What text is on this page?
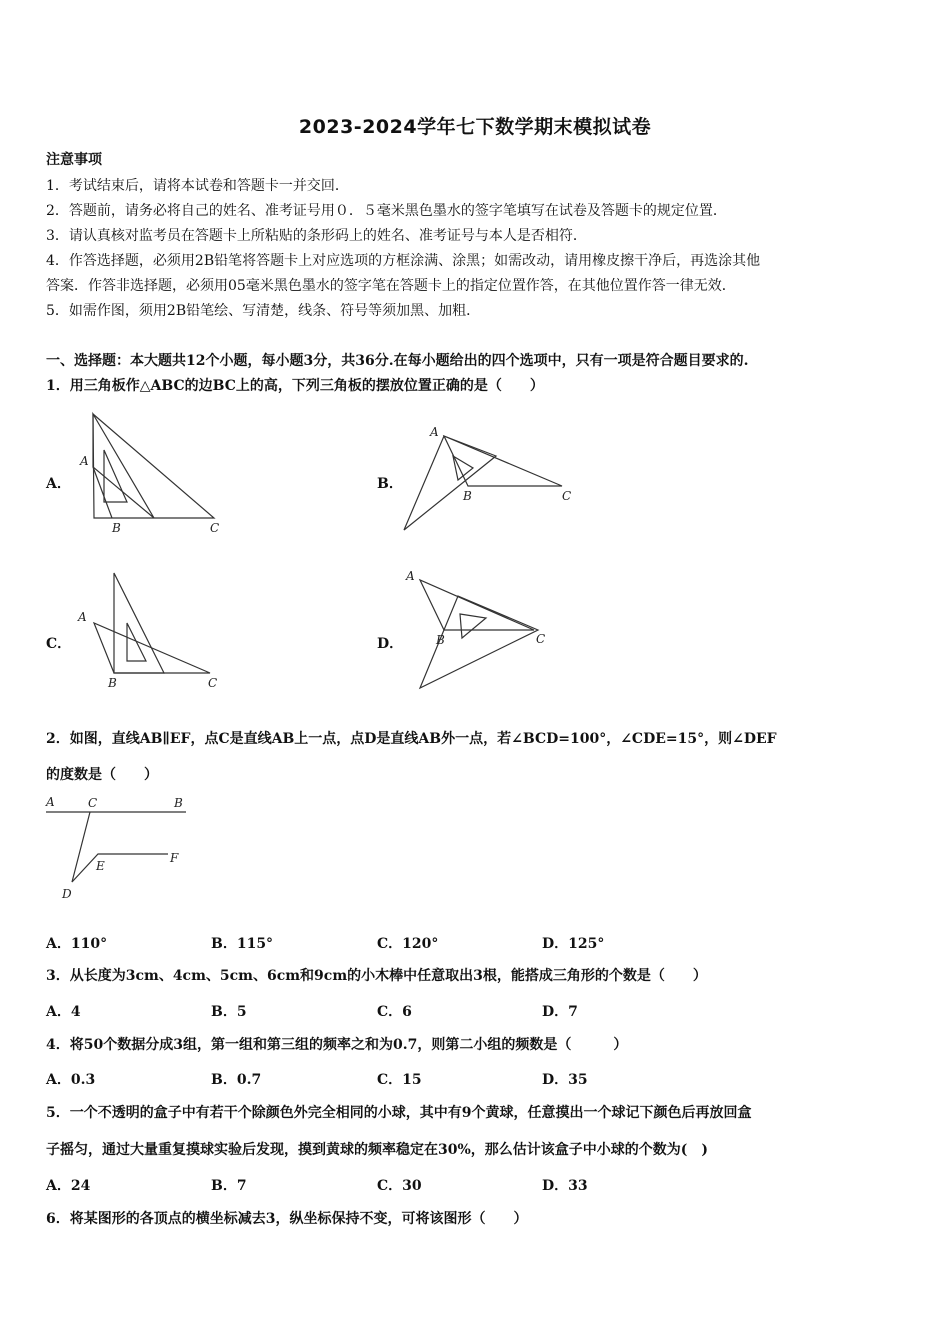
2023-2024学年七下数学期末模拟试卷
注意事项
1．考试结束后，请将本试卷和答题卡一并交回．
2．答题前，请务必将自己的姓名、准考证号用０．５毫米黑色墨水的签字笔填写在试卷及答题卡的规定位置．
3．请认真核对监考员在答题卡上所粘贴的条形码上的姓名、准考证号与本人是否相符．
4．作答选择题，必须用2B铅笔将答题卡上对应选项的方框涂满、涂黑；如需改动，请用橡皮擦干净后，再选涂其他
答案．作答非选择题，必须用05毫米黑色墨水的签字笔在答题卡上的指定位置作答，在其他位置作答一律无效．
5．如需作图，须用2B铅笔绘、写清楚，线条、符号等须加黑、加粗．
一、选择题：本大题共12个小题，每小题3分，共36分.在每小题给出的四个选项中，只有一项是符合题目要求的.
1．用三角板作△ABC的边BC上的高，下列三角板的摆放位置正确的是（　　）
A．
A
B	C
B．
A
B	C
C．
A
B	C
D．
A
B	C
2．如图，直线AB∥EF，点C是直线AB上一点，点D是直线AB外一点，若∠BCD=100°，∠CDE=15°，则∠DEF
的度数是（　　）
A	C	B
E
F
D
A．110°	B．115°	C．120°	D．125°
3．从长度为3cm、4cm、5cm、6cm和9cm的小木棒中任意取出3根，能搭成三角形的个数是（　　）
A．4	B．5	C．6	D．7
4．将50个数据分成3组，第一组和第三组的频率之和为0.7，则第二小组的频数是（　　　）
A．0.3	B．0.7	C．15	D．35
5．一个不透明的盒子中有若干个除颜色外完全相同的小球，其中有9个黄球，任意摸出一个球记下颜色后再放回盒
子摇匀，通过大量重复摸球实验后发现，摸到黄球的频率稳定在30%，那么估计该盒子中小球的个数为(　)
A．24	B．7	C．30	D．33
6．将某图形的各顶点的横坐标减去3，纵坐标保持不变，可将该图形（　　）
